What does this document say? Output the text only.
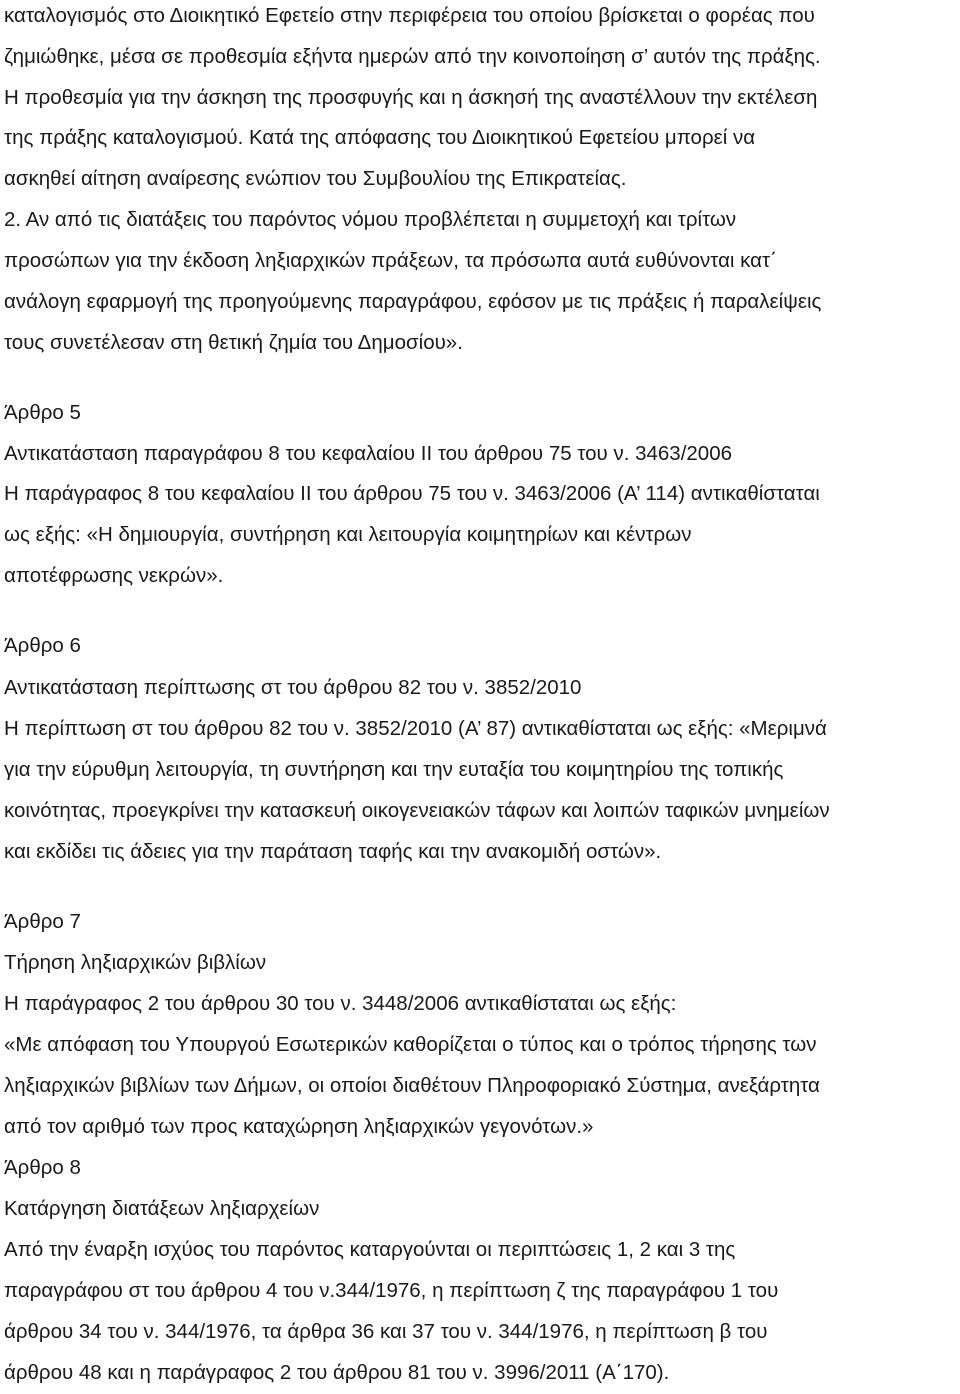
καταλογισμός στο Διοικητικό Εφετείο στην περιφέρεια του οποίου βρίσκεται ο φορέας που
ζημιώθηκε, μέσα σε προθεσμία εξήντα ημερών από την κοινοποίηση σ’ αυτόν της πράξης.
Η προθεσμία για την άσκηση της προσφυγής και η άσκησή της αναστέλλουν την εκτέλεση
της πράξης καταλογισμού. Κατά της απόφασης του Διοικητικού Εφετείου μπορεί να
ασκηθεί αίτηση αναίρεσης ενώπιον του Συμβουλίου της Επικρατείας.
2. Αν από τις διατάξεις του παρόντος νόμου προβλέπεται η συμμετοχή και τρίτων
προσώπων για την έκδοση ληξιαρχικών πράξεων, τα πρόσωπα αυτά ευθύνονται κατ΄
ανάλογη εφαρμογή της προηγούμενης παραγράφου, εφόσον με τις πράξεις ή παραλείψεις
τους συνετέλεσαν στη θετική ζημία του Δημοσίου».
Άρθρο 5
Αντικατάσταση παραγράφου 8 του κεφαλαίου ΙΙ του άρθρου 75 του ν. 3463/2006
Η παράγραφος 8 του κεφαλαίου ΙΙ του άρθρου 75 του ν. 3463/2006 (Α’ 114) αντικαθίσταται
ως εξής: «Η δημιουργία, συντήρηση και λειτουργία κοιμητηρίων και κέντρων
αποτέφρωσης νεκρών».
Άρθρο 6
Αντικατάσταση περίπτωσης στ του άρθρου 82 του ν. 3852/2010
Η περίπτωση στ του άρθρου 82 του ν. 3852/2010 (Α’ 87) αντικαθίσταται ως εξής: «Μεριμνά
για την εύρυθμη λειτουργία, τη συντήρηση και την ευταξία του κοιμητηρίου της τοπικής
κοινότητας, προεγκρίνει την κατασκευή οικογενειακών τάφων και λοιπών ταφικών μνημείων
και εκδίδει τις άδειες για την παράταση ταφής και την ανακομιδή οστών».
Άρθρο 7
Τήρηση ληξιαρχικών βιβλίων
Η παράγραφος 2 του άρθρου 30 του ν. 3448/2006 αντικαθίσταται ως εξής:
«Με απόφαση του Υπουργού Εσωτερικών καθορίζεται ο τύπος και ο τρόπος τήρησης των
ληξιαρχικών βιβλίων των Δήμων, οι οποίοι διαθέτουν Πληροφοριακό Σύστημα, ανεξάρτητα
από τον αριθμό των προς καταχώρηση ληξιαρχικών γεγονότων.»
Άρθρο 8
Κατάργηση διατάξεων ληξιαρχείων
Από την έναρξη ισχύος του παρόντος καταργούνται οι περιπτώσεις 1, 2 και 3 της
παραγράφου στ του άρθρου 4 του ν.344/1976, η περίπτωση ζ της παραγράφου 1 του
άρθρου 34 του ν. 344/1976, τα άρθρα 36 και 37 του ν. 344/1976, η περίπτωση β του
άρθρου 48 και η παράγραφος 2 του άρθρου 81 του ν. 3996/2011 (Α΄170).
